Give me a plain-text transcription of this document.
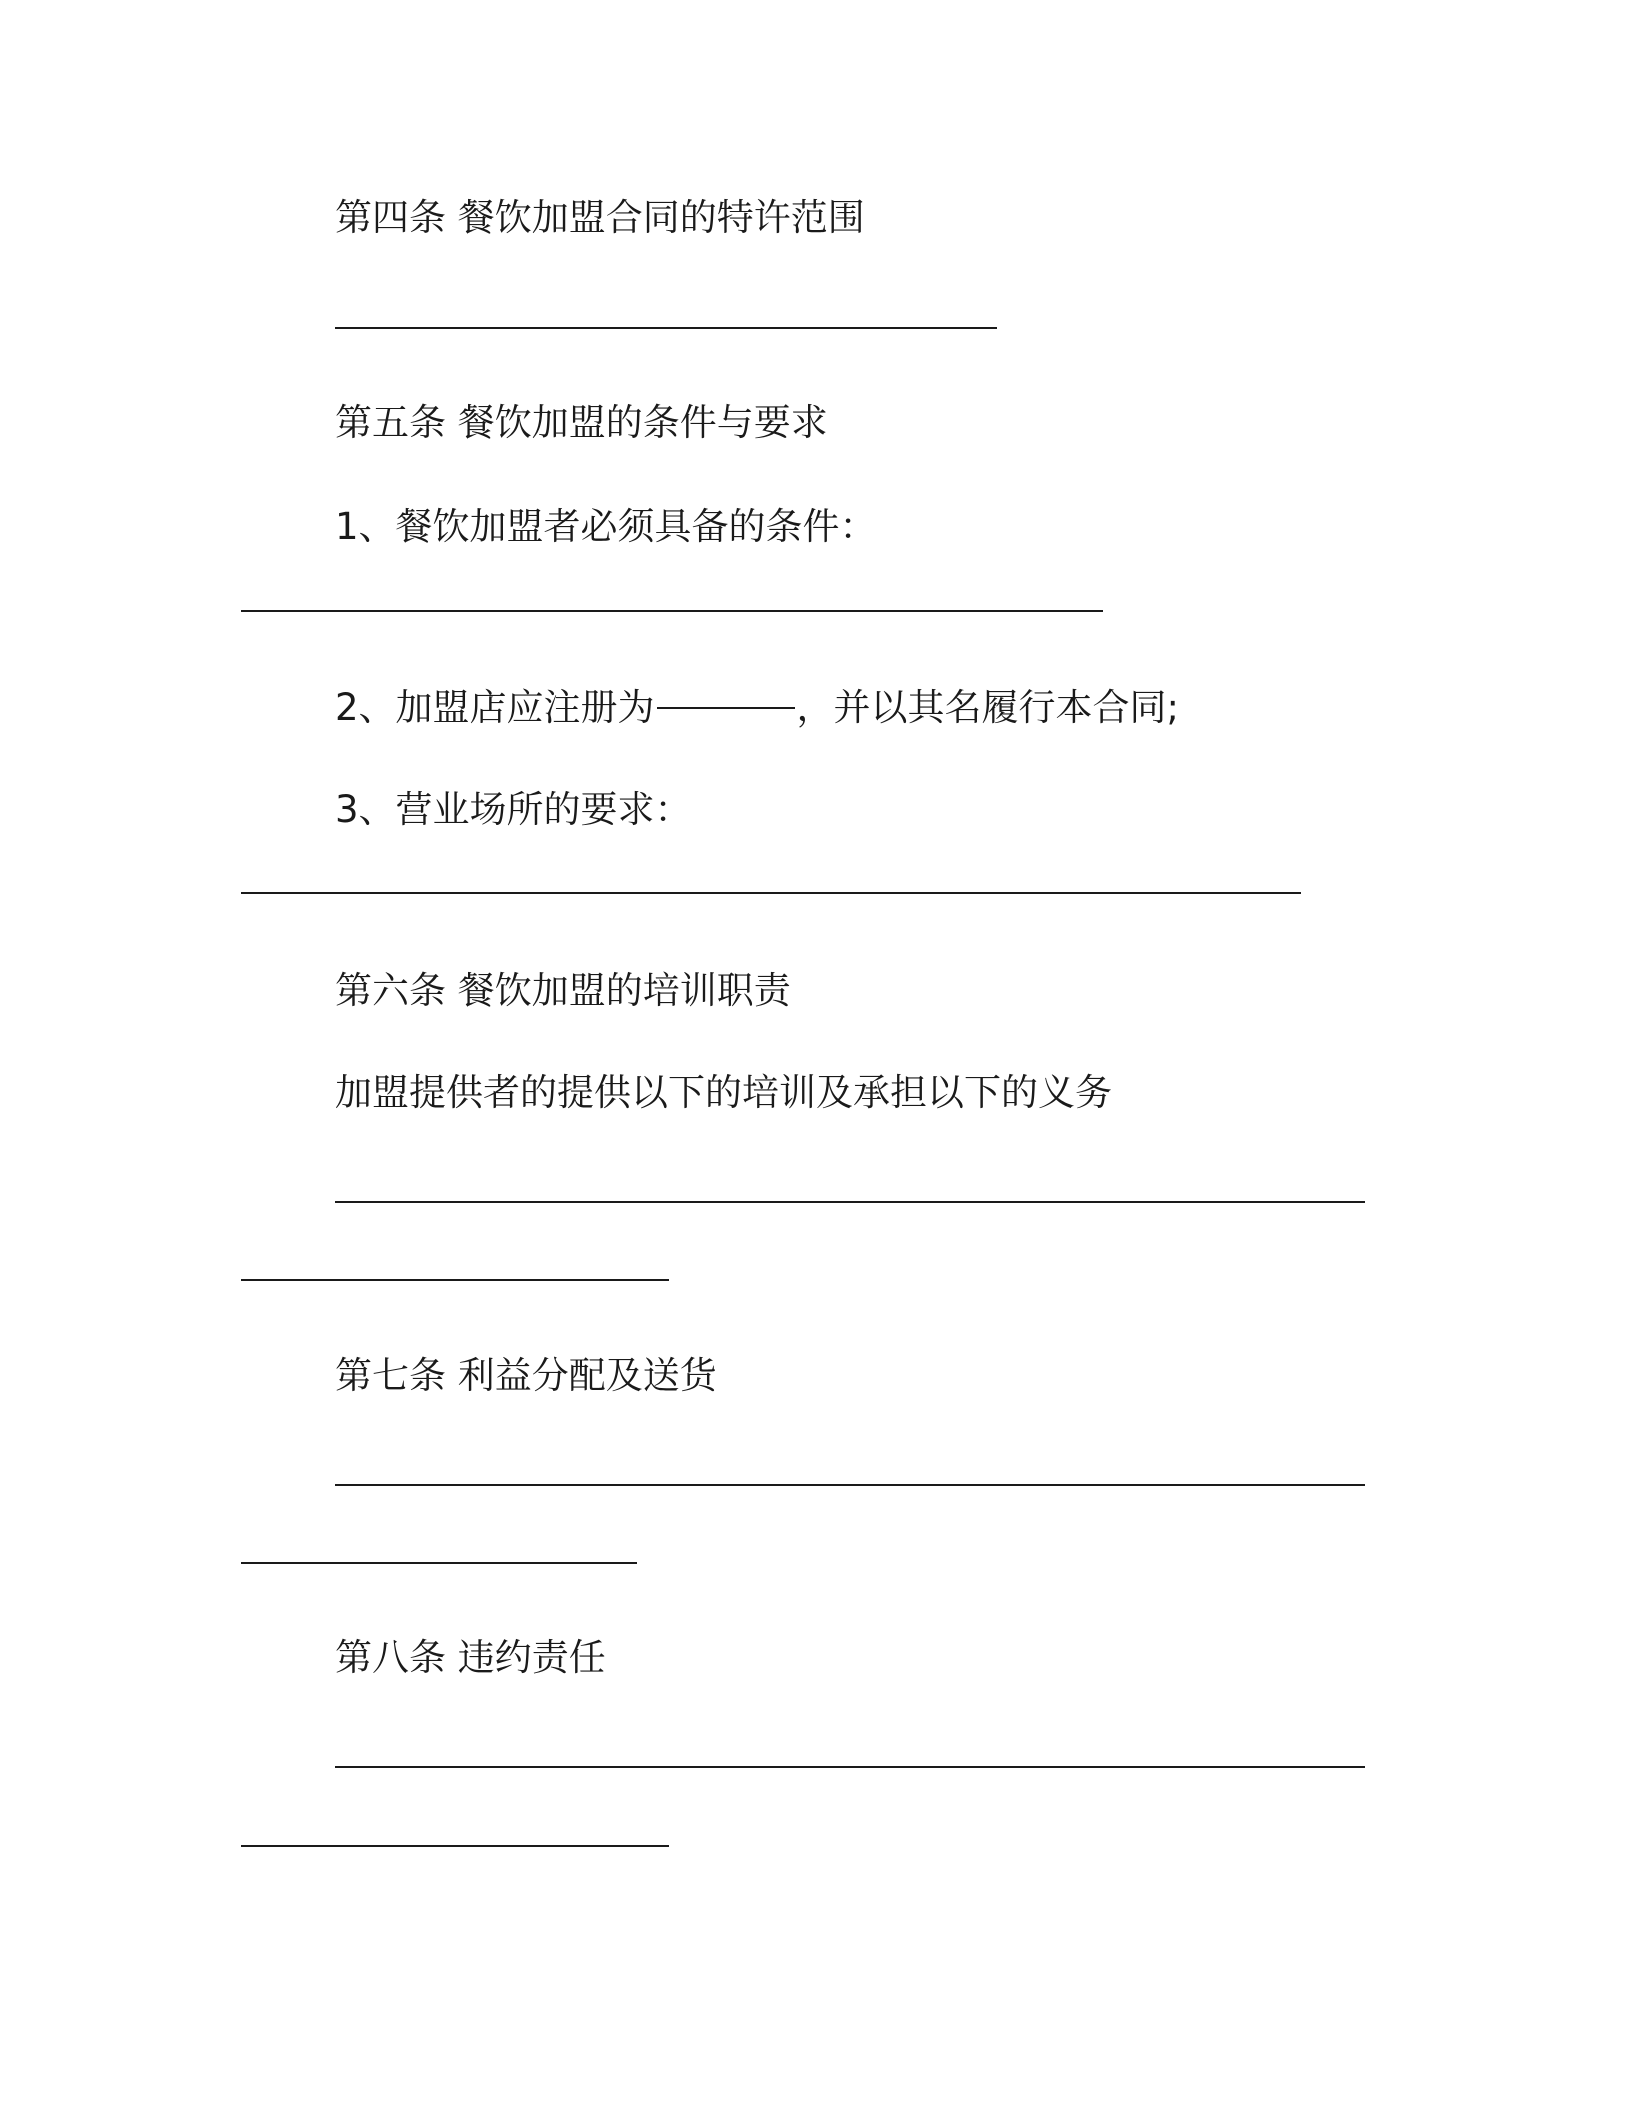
第四条 餐饮加盟合同的特许范围
第五条 餐饮加盟的条件与要求
1、餐饮加盟者必须具备的条件：
2、加盟店应注册为	，并以其名履行本合同;
3、营业场所的要求：
第六条 餐饮加盟的培训职责
加盟提供者的提供以下的培训及承担以下的义务
第七条 利益分配及送货
第八条 违约责任
